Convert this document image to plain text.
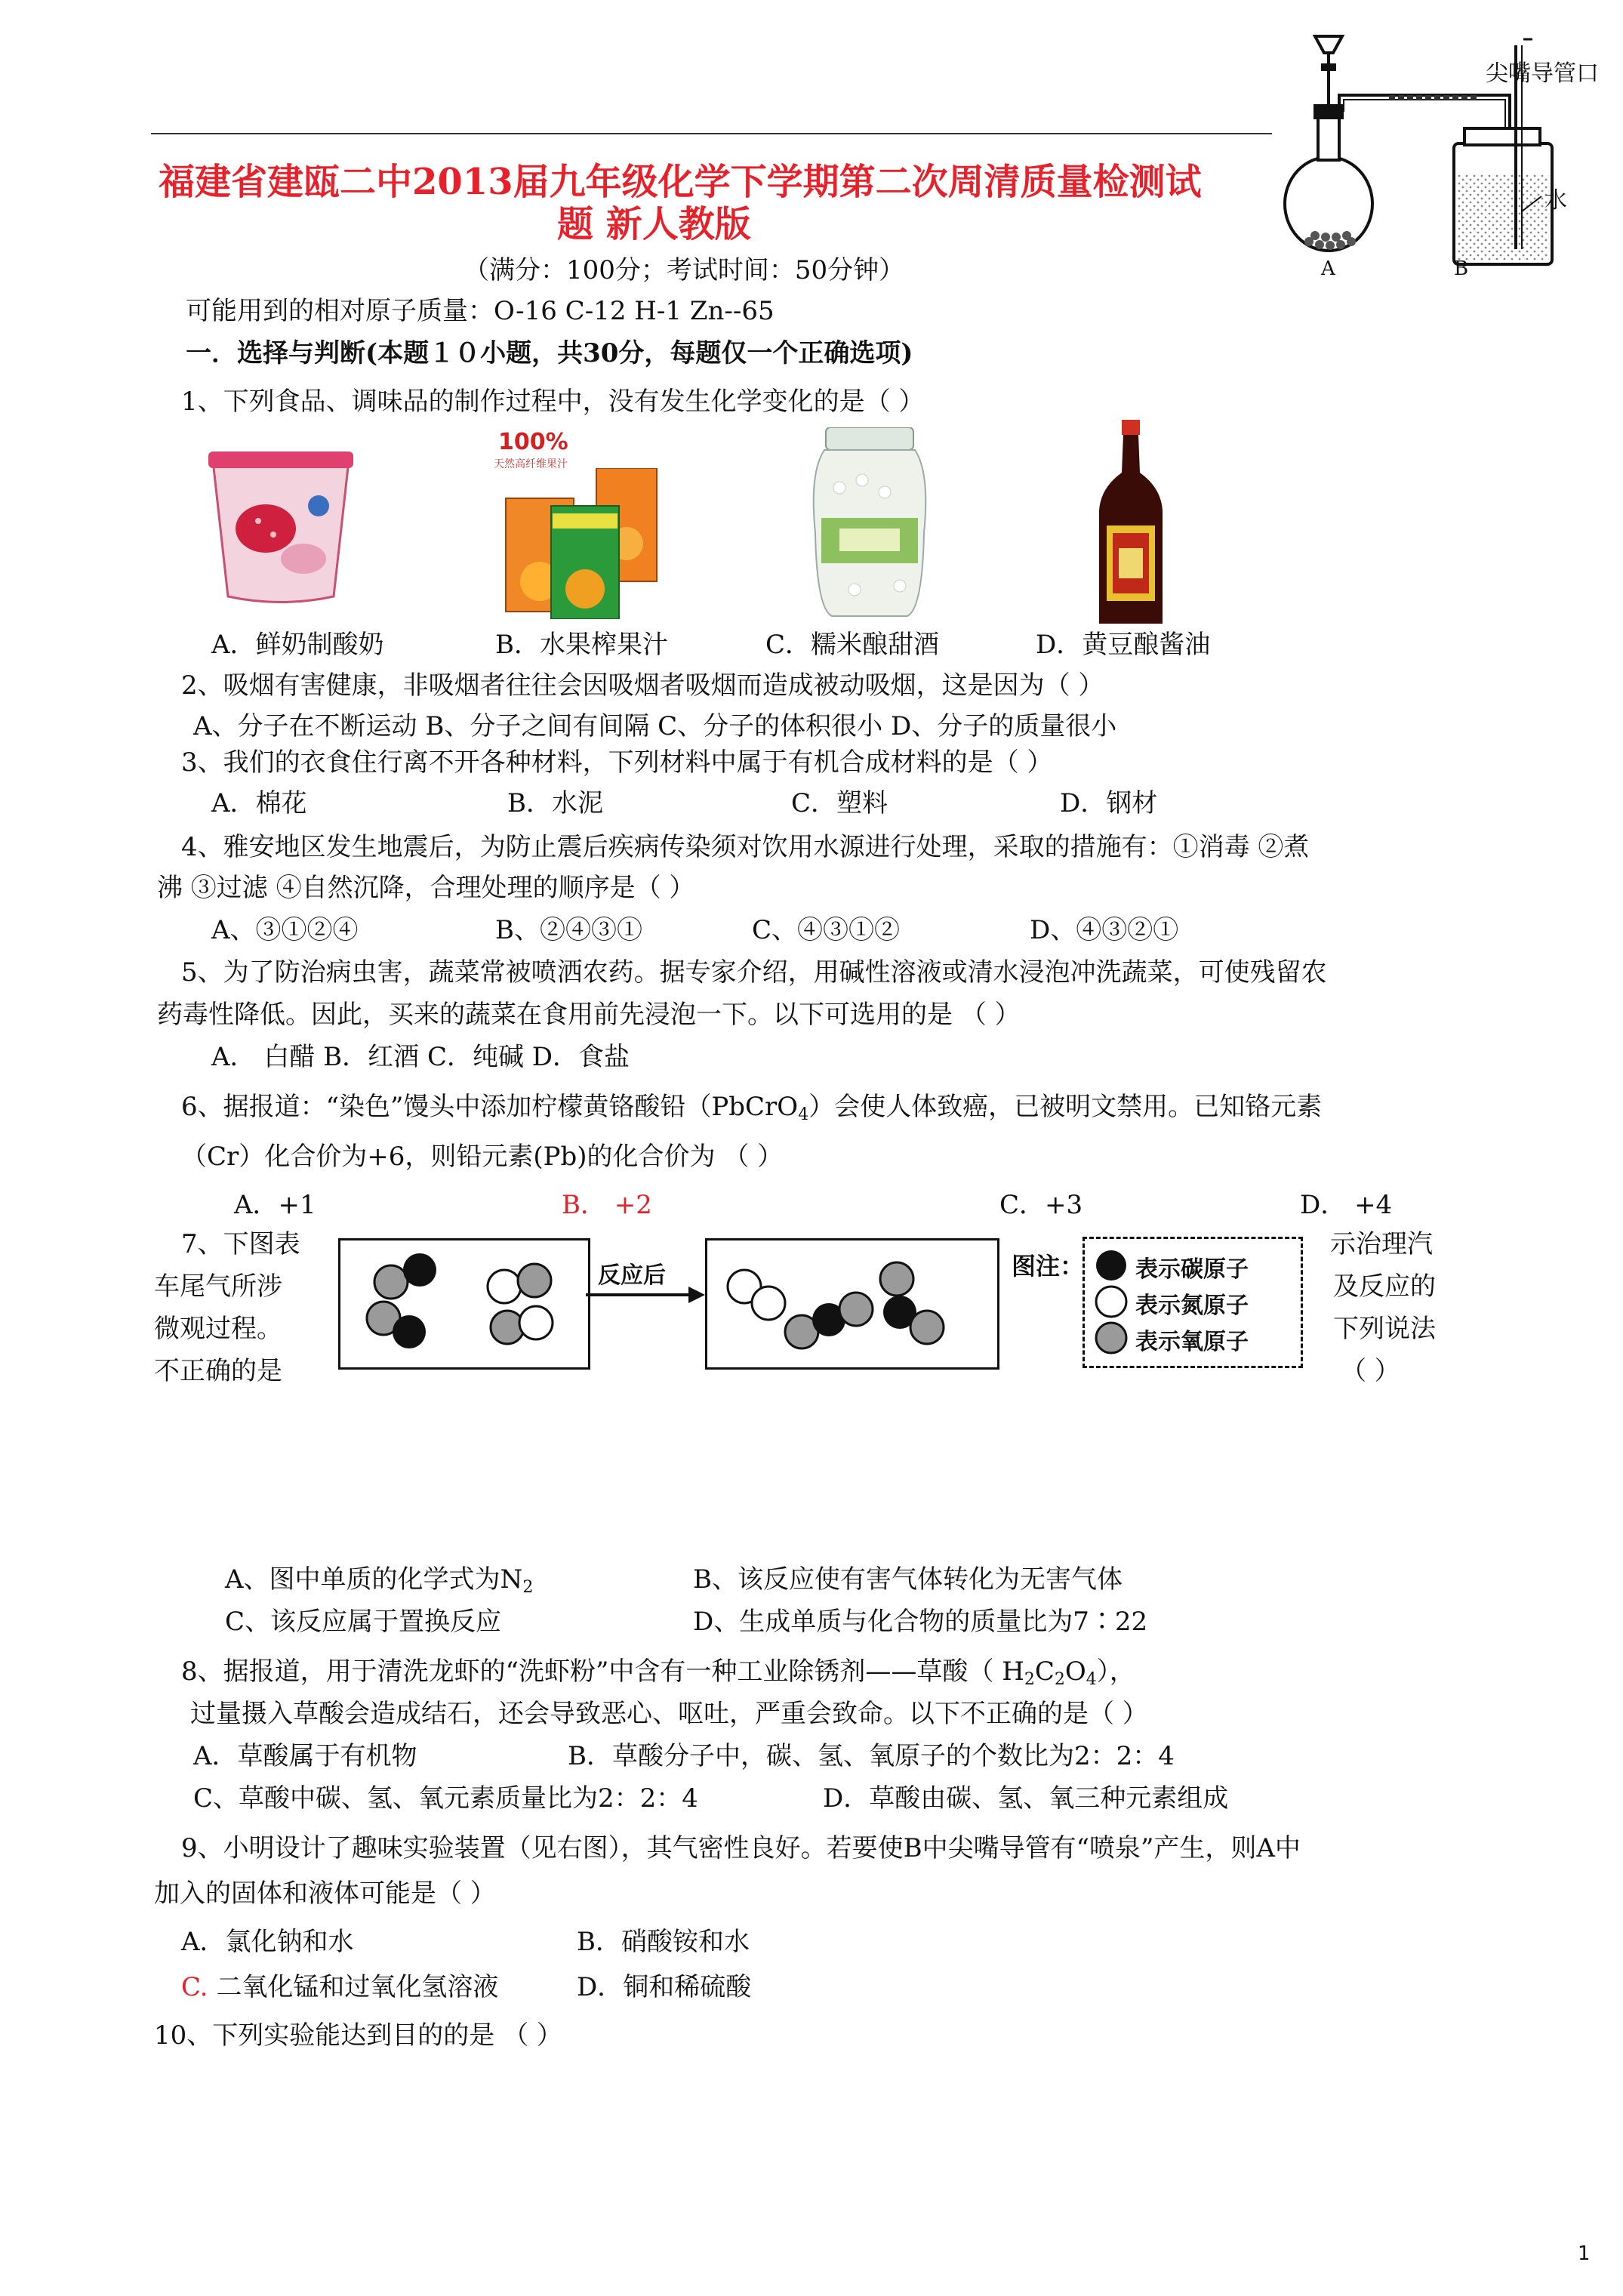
尖嘴导管口
水
A	B
福建省建瓯二中2013届九年级化学下学期第二次周清质量检测试
题 新人教版
（满分：100分；考试时间：50分钟）
可能用到的相对原子质量：O-16 C-12 H-1 Zn--65
一．选择与判断(本题１０小题，共30分，每题仅一个正确选项)
1、下列食品、调味品的制作过程中，没有发生化学变化的是（ ）
100%
天然高纤维果汁
A．鲜奶制酸奶	B．水果榨果汁	C．糯米酿甜酒	D．黄豆酿酱油
2、吸烟有害健康，非吸烟者往往会因吸烟者吸烟而造成被动吸烟，这是因为（ ）
A、分子在不断运动 B、分子之间有间隔 C、分子的体积很小 D、分子的质量很小
3、我们的衣食住行离不开各种材料，下列材料中属于有机合成材料的是（ ）
A．棉花	B．水泥	C．塑料	D．钢材
4、雅安地区发生地震后，为防止震后疾病传染须对饮用水源进行处理，采取的措施有：①消毒 ②煮
沸 ③过滤 ④自然沉降，合理处理的顺序是（ ）
A、③①②④	B、②④③①	C、④③①②	D、④③②①
5、为了防治病虫害，蔬菜常被喷洒农药。据专家介绍，用碱性溶液或清水浸泡冲洗蔬菜，可使残留农
药毒性降低。因此，买来的蔬菜在食用前先浸泡一下。以下可选用的是 （ ）
A． 白醋 B．红酒 C．纯碱 D．食盐
6、据报道：“染色”馒头中添加柠檬黄铬酸铅（PbCrO$_4$）会使人体致癌，已被明文禁用。已知铬元素
（Cr）化合价为+6，则铅元素(Pb)的化合价为 （ ）
A．+1	B． +2	C．+3	D． +4
7、下图表
车尾气所涉
微观过程。
不正确的是
反应后	图注： 表示碳原子
表示氮原子
表示氧原子
示治理汽
及反应的
下列说法
（ ）
A、图中单质的化学式为$N_2$	B、该反应使有害气体转化为无害气体
C、该反应属于置换反应	D、生成单质与化合物的质量比为7∶22
8、据报道，用于清洗龙虾的“洗虾粉”中含有一种工业除锈剂——草酸（ $H_2C_2O_4$），
过量摄入草酸会造成结石，还会导致恶心、呕吐，严重会致命。以下不正确的是（ ）
A．草酸属于有机物	B．草酸分子中，碳、氢、氧原子的个数比为2：2：4
C、草酸中碳、氢、氧元素质量比为2：2：4	D．草酸由碳、氢、氧三种元素组成
9、小明设计了趣味实验装置（见右图），其气密性良好。若要使B中尖嘴导管有“喷泉”产生，则A中
加入的固体和液体可能是（ ）
A．氯化钠和水	B．硝酸铵和水
C. 二氧化锰和过氧化氢溶液	D．铜和稀硫酸
10、下列实验能达到目的的是 （ ）
1
